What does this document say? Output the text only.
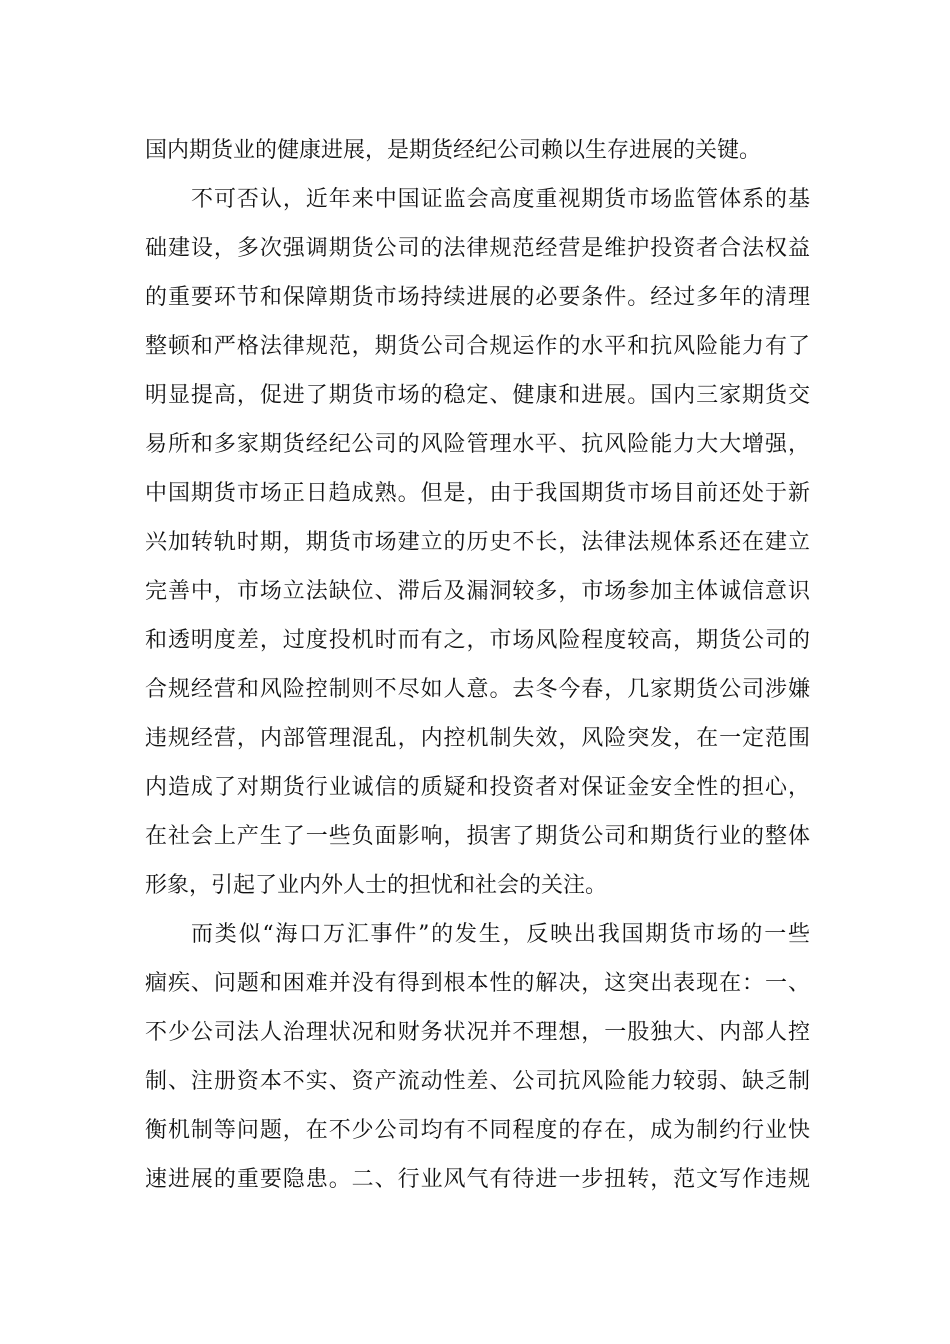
国内期货业的健康进展，是期货经纪公司赖以生存进展的关键。
不可否认，近年来中国证监会高度重视期货市场监管体系的基
础建设，多次强调期货公司的法律规范经营是维护投资者合法权益
的重要环节和保障期货市场持续进展的必要条件。经过多年的清理
整顿和严格法律规范，期货公司合规运作的水平和抗风险能力有了
明显提高，促进了期货市场的稳定、健康和进展。国内三家期货交
易所和多家期货经纪公司的风险管理水平、抗风险能力大大增强，
中国期货市场正日趋成熟。但是，由于我国期货市场目前还处于新
兴加转轨时期，期货市场建立的历史不长，法律法规体系还在建立
完善中，市场立法缺位、滞后及漏洞较多，市场参加主体诚信意识
和透明度差，过度投机时而有之，市场风险程度较高，期货公司的
合规经营和风险控制则不尽如人意。去冬今春，几家期货公司涉嫌
违规经营，内部管理混乱，内控机制失效，风险突发，在一定范围
内造成了对期货行业诚信的质疑和投资者对保证金安全性的担心，
在社会上产生了一些负面影响，损害了期货公司和期货行业的整体
形象，引起了业内外人士的担忧和社会的关注。
而类似“海口万汇事件”的发生，反映出我国期货市场的一些
痼疾、问题和困难并没有得到根本性的解决，这突出表现在：一、
不少公司法人治理状况和财务状况并不理想，一股独大、内部人控
制、注册资本不实、资产流动性差、公司抗风险能力较弱、缺乏制
衡机制等问题，在不少公司均有不同程度的存在，成为制约行业快
速进展的重要隐患。二、行业风气有待进一步扭转，范文写作违规
